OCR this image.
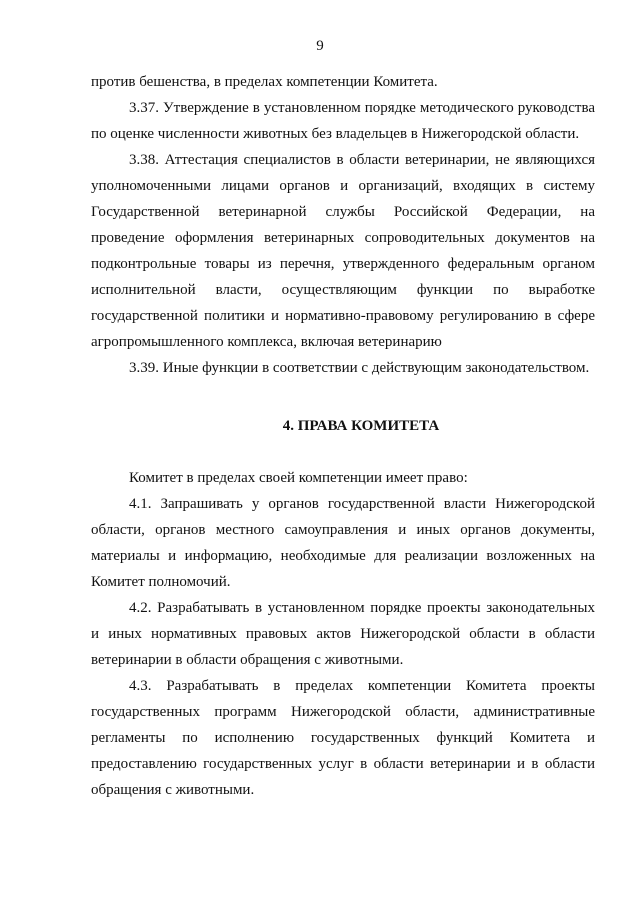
9

против бешенства, в пределах компетенции Комитета.

3.37. Утверждение в установленном порядке методического руководства по оценке численности животных без владельцев в Нижегородской области.

3.38. Аттестация специалистов в области ветеринарии, не являющихся уполномоченными лицами органов и организаций, входящих в систему Государственной ветеринарной службы Российской Федерации, на проведение оформления ветеринарных сопроводительных документов на подконтрольные товары из перечня, утвержденного федеральным органом исполнительной власти, осуществляющим функции по выработке государственной политики и нормативно-правовому регулированию в сфере агропромышленного комплекса, включая ветеринарию

3.39. Иные функции в соответствии с действующим законодательством.

4. ПРАВА КОМИТЕТА

Комитет в пределах своей компетенции имеет право:

4.1. Запрашивать у органов государственной власти Нижегородской области, органов местного самоуправления и иных органов документы, материалы и информацию, необходимые для реализации возложенных на Комитет полномочий.

4.2. Разрабатывать в установленном порядке проекты законодательных и иных нормативных правовых актов Нижегородской области в области ветеринарии в области обращения с животными.

4.3. Разрабатывать в пределах компетенции Комитета проекты государственных программ Нижегородской области, административные регламенты по исполнению государственных функций Комитета и предоставлению государственных услуг в области ветеринарии и в области обращения с животными.
